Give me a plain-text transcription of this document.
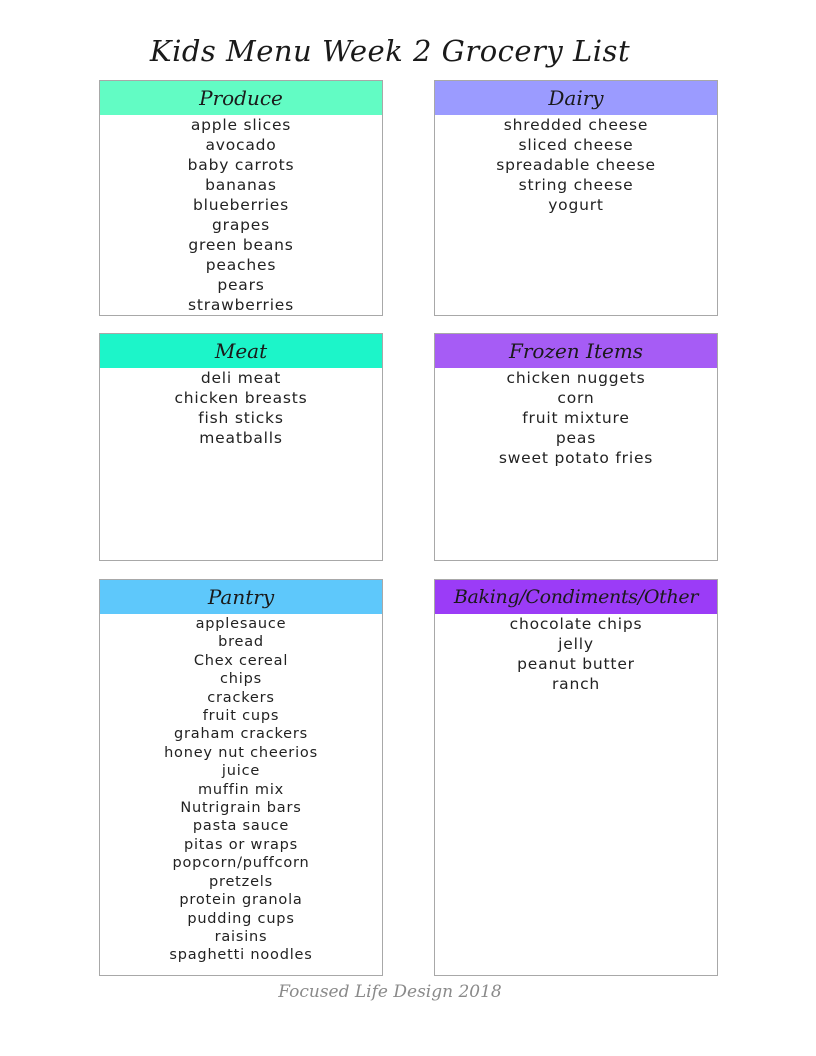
Kids Menu Week 2 Grocery List
Produce
apple slices
avocado
baby carrots
bananas
blueberries
grapes
green beans
peaches
pears
strawberries
Dairy
shredded cheese
sliced cheese
spreadable cheese
string cheese
yogurt
Meat
deli meat
chicken breasts
fish sticks
meatballs
Frozen Items
chicken nuggets
corn
fruit mixture
peas
sweet potato fries
Pantry
applesauce
bread
Chex cereal
chips
crackers
fruit cups
graham crackers
honey nut cheerios
juice
muffin mix
Nutrigrain bars
pasta sauce
pitas or wraps
popcorn/puffcorn
pretzels
protein granola
pudding cups
raisins
spaghetti noodles
Baking/Condiments/Other
chocolate chips
jelly
peanut butter
ranch
Focused Life Design 2018
